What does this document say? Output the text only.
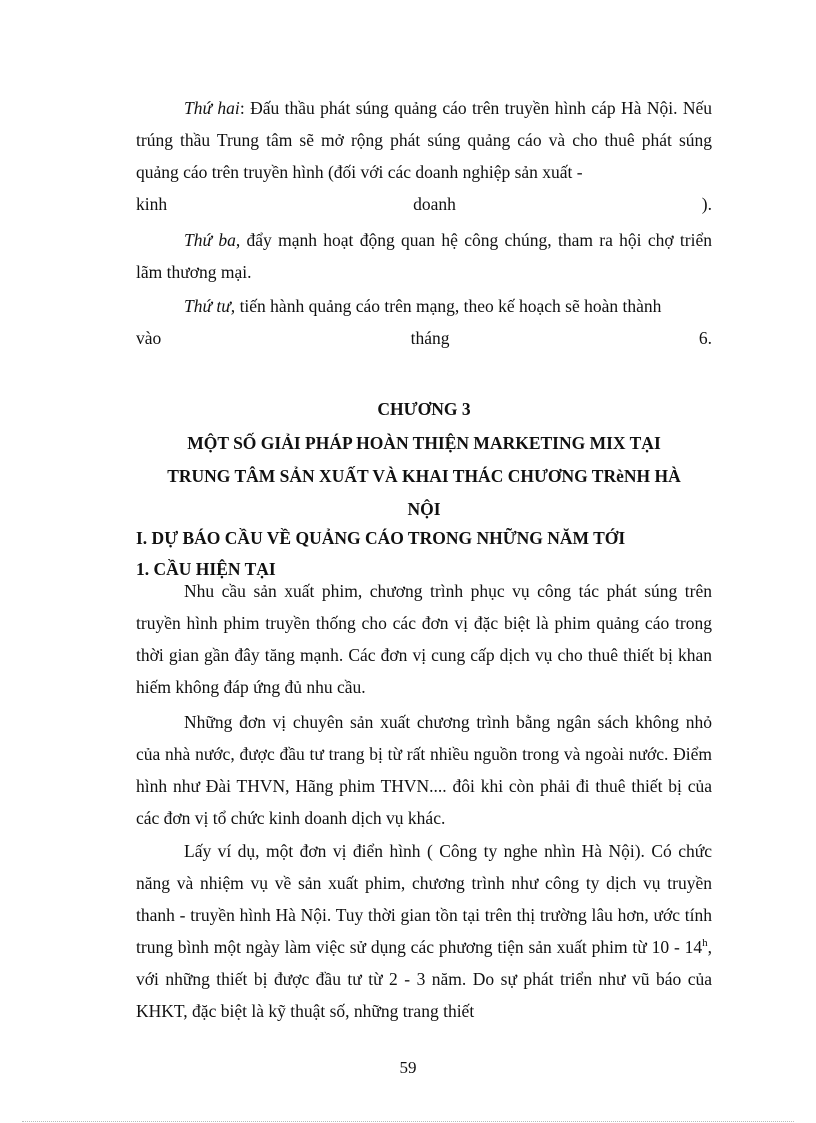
Thứ hai: Đấu thầu phát súng quảng cáo trên truyền hình cáp Hà Nội. Nếu trúng thầu Trung tâm sẽ mở rộng phát súng quảng cáo và cho thuê phát súng quảng cáo trên truyền hình (đối với các doanh nghiệp sản xuất -
kinh	doanh	).
Thứ ba, đẩy mạnh hoạt động quan hệ công chúng, tham ra hội chợ triển lãm thương mại.
Thứ tư, tiến hành quảng cáo trên mạng, theo kế hoạch sẽ hoàn thành
vào	tháng	6.
CHƯƠNG 3
MỘT SỐ GIẢI PHÁP HOÀN THIỆN MARKETING MIX TẠI
TRUNG TÂM SẢN XUẤT VÀ KHAI THÁC CHƯƠNG TRèNH HÀ
NỘI
I. DỰ BÁO CẦU VỀ QUẢNG CÁO TRONG NHỮNG NĂM TỚI
1. CẦU HIỆN TẠI
Nhu cầu sản xuất phim, chương trình phục vụ công tác phát súng trên truyền hình phim truyền thống cho các đơn vị đặc biệt là phim quảng cáo trong thời gian gần đây tăng mạnh. Các đơn vị cung cấp dịch vụ cho thuê thiết bị khan hiếm không đáp ứng đủ nhu cầu.
Những đơn vị chuyên sản xuất chương trình bằng ngân sách không nhỏ của nhà nước, được đầu tư trang bị từ rất nhiều nguồn trong và ngoài nước. Điểm hình như Đài THVN, Hãng phim THVN.... đôi khi còn phải đi thuê thiết bị của các đơn vị tổ chức kinh doanh dịch vụ khác.
Lấy ví dụ, một đơn vị điển hình ( Công ty nghe nhìn Hà Nội). Có chức năng và nhiệm vụ về sản xuất phim, chương trình như công ty dịch vụ truyền thanh - truyền hình Hà Nội. Tuy thời gian tồn tại trên thị trường lâu hơn, ước tính trung bình một ngày làm việc sử dụng các phương tiện sản xuất phim từ 10 - 14$^h$, với những thiết bị được đầu tư từ 2 - 3 năm. Do sự phát triển như vũ báo của KHKT, đặc biệt là kỹ thuật số, những trang thiết
59
